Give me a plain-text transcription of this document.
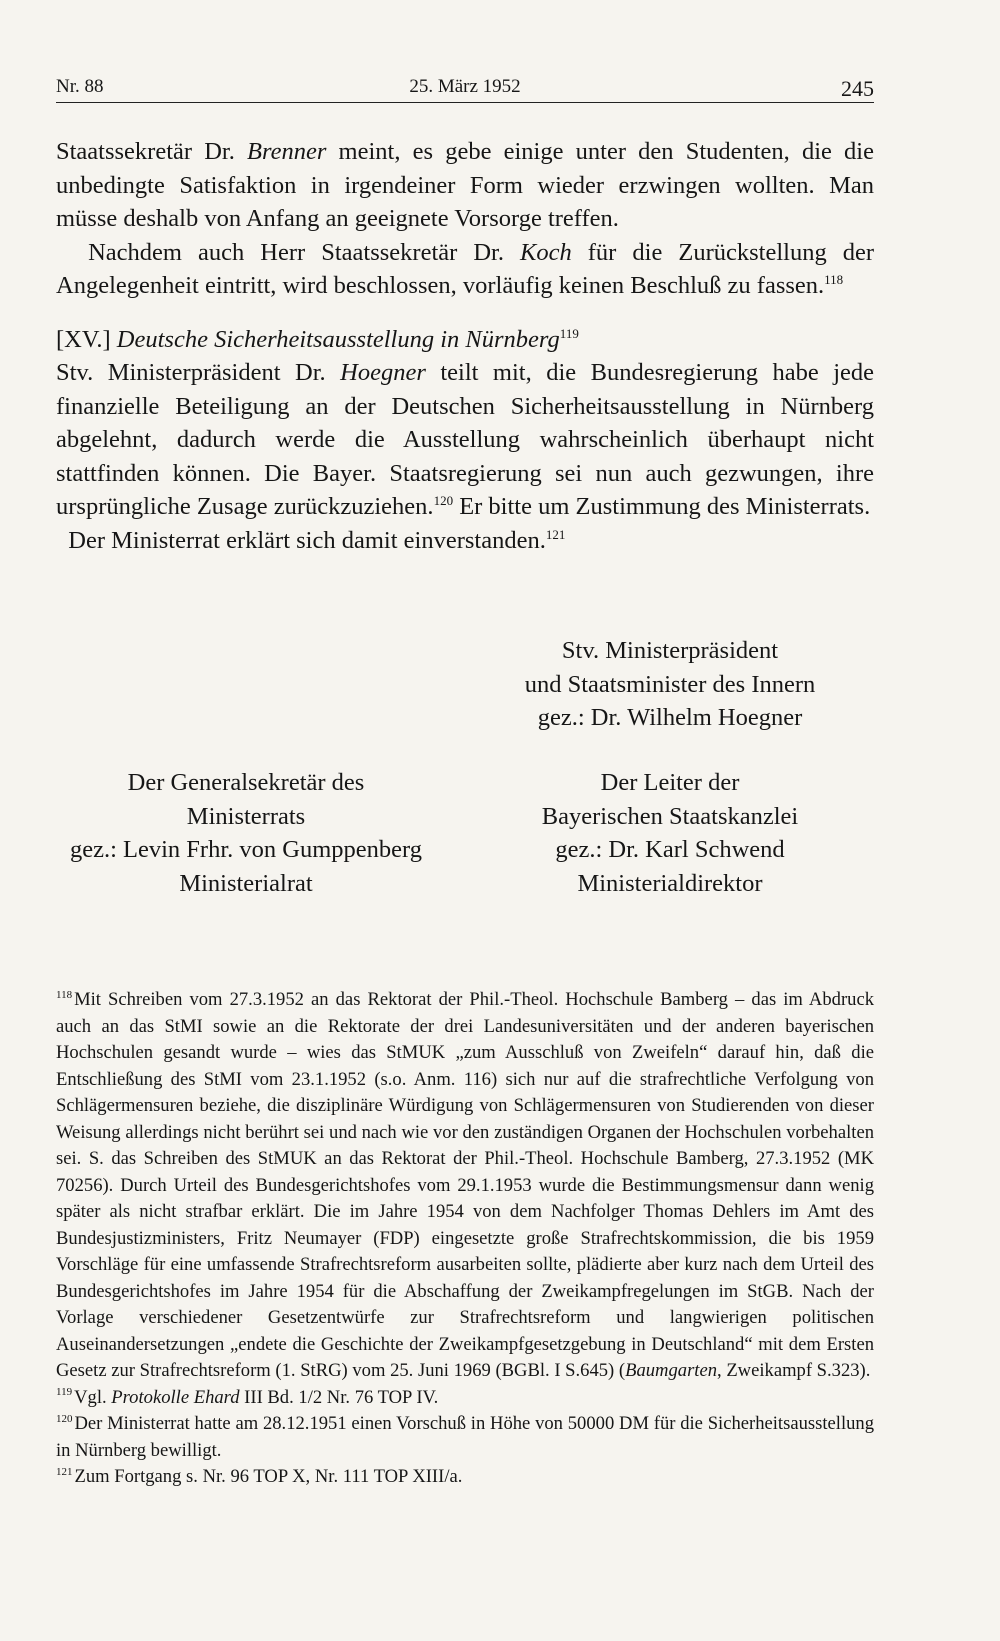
25. März 1952
Nr. 88	245

Staatssekretär Dr. Brenner meint, es gebe einige unter den Studenten, die die unbedingte Satisfaktion in irgendeiner Form wieder erzwingen wollten. Man müsse deshalb von Anfang an geeignete Vorsorge treffen.

Nachdem auch Herr Staatssekretär Dr. Koch für die Zurückstellung der Angelegenheit eintritt, wird beschlossen, vorläufig keinen Beschluß zu fassen.$^{118}$

[XV.] Deutsche Sicherheitsausstellung in Nürnberg$^{119}$

Stv. Ministerpräsident Dr. Hoegner teilt mit, die Bundesregierung habe jede finanzielle Beteiligung an der Deutschen Sicherheitsausstellung in Nürnberg abgelehnt, dadurch werde die Ausstellung wahrscheinlich überhaupt nicht stattfinden können. Die Bayer. Staatsregierung sei nun auch gezwungen, ihre ursprüngliche Zusage zurückzuziehen.$^{120}$ Er bitte um Zustimmung des Ministerrats.

Der Ministerrat erklärt sich damit einverstanden.$^{121}$

Stv. Ministerpräsident
und Staatsminister des Innern
gez.: Dr. Wilhelm Hoegner
Der Generalsekretär des
Ministerrats
gez.: Levin Frhr. von Gumppenberg
Ministerialrat
Der Leiter der
Bayerischen Staatskanzlei
gez.: Dr. Karl Schwend
Ministerialdirektor

$^{118}$ Mit Schreiben vom 27.3.1952 an das Rektorat der Phil.-Theol. Hochschule Bamberg – das im Abdruck auch an das StMI sowie an die Rektorate der drei Landesuniversitäten und der anderen bayerischen Hochschulen gesandt wurde – wies das StMUK „zum Ausschluß von Zweifeln“ darauf hin, daß die Entschließung des StMI vom 23.1.1952 (s.o. Anm. 116) sich nur auf die strafrechtliche Verfolgung von Schlägermensuren beziehe, die disziplinäre Würdigung von Schlägermensuren von Studierenden von dieser Weisung allerdings nicht berührt sei und nach wie vor den zuständigen Organen der Hochschulen vorbehalten sei. S. das Schreiben des StMUK an das Rektorat der Phil.-Theol. Hochschule Bamberg, 27.3.1952 (MK 70256). Durch Urteil des Bundesgerichtshofes vom 29.1.1953 wurde die Bestimmungsmensur dann wenig später als nicht strafbar erklärt. Die im Jahre 1954 von dem Nachfolger Thomas Dehlers im Amt des Bundesjustizministers, Fritz Neumayer (FDP) eingesetzte große Strafrechtskommission, die bis 1959 Vorschläge für eine umfassende Strafrechtsreform ausarbeiten sollte, plädierte aber kurz nach dem Urteil des Bundesgerichtshofes im Jahre 1954 für die Abschaffung der Zweikampfregelungen im StGB. Nach der Vorlage verschiedener Gesetzentwürfe zur Strafrechtsreform und langwierigen politischen Auseinandersetzungen „endete die Geschichte der Zweikampfgesetzgebung in Deutschland“ mit dem Ersten Gesetz zur Strafrechtsreform (1. StRG) vom 25. Juni 1969 (BGBl. I S.645) (Baumgarten, Zweikampf S.323).

$^{119}$ Vgl. Protokolle Ehard III Bd. 1/2 Nr. 76 TOP IV.

$^{120}$ Der Ministerrat hatte am 28.12.1951 einen Vorschuß in Höhe von 50000 DM für die Sicherheitsausstellung in Nürnberg bewilligt.

$^{121}$ Zum Fortgang s. Nr. 96 TOP X, Nr. 111 TOP XIII/a.
